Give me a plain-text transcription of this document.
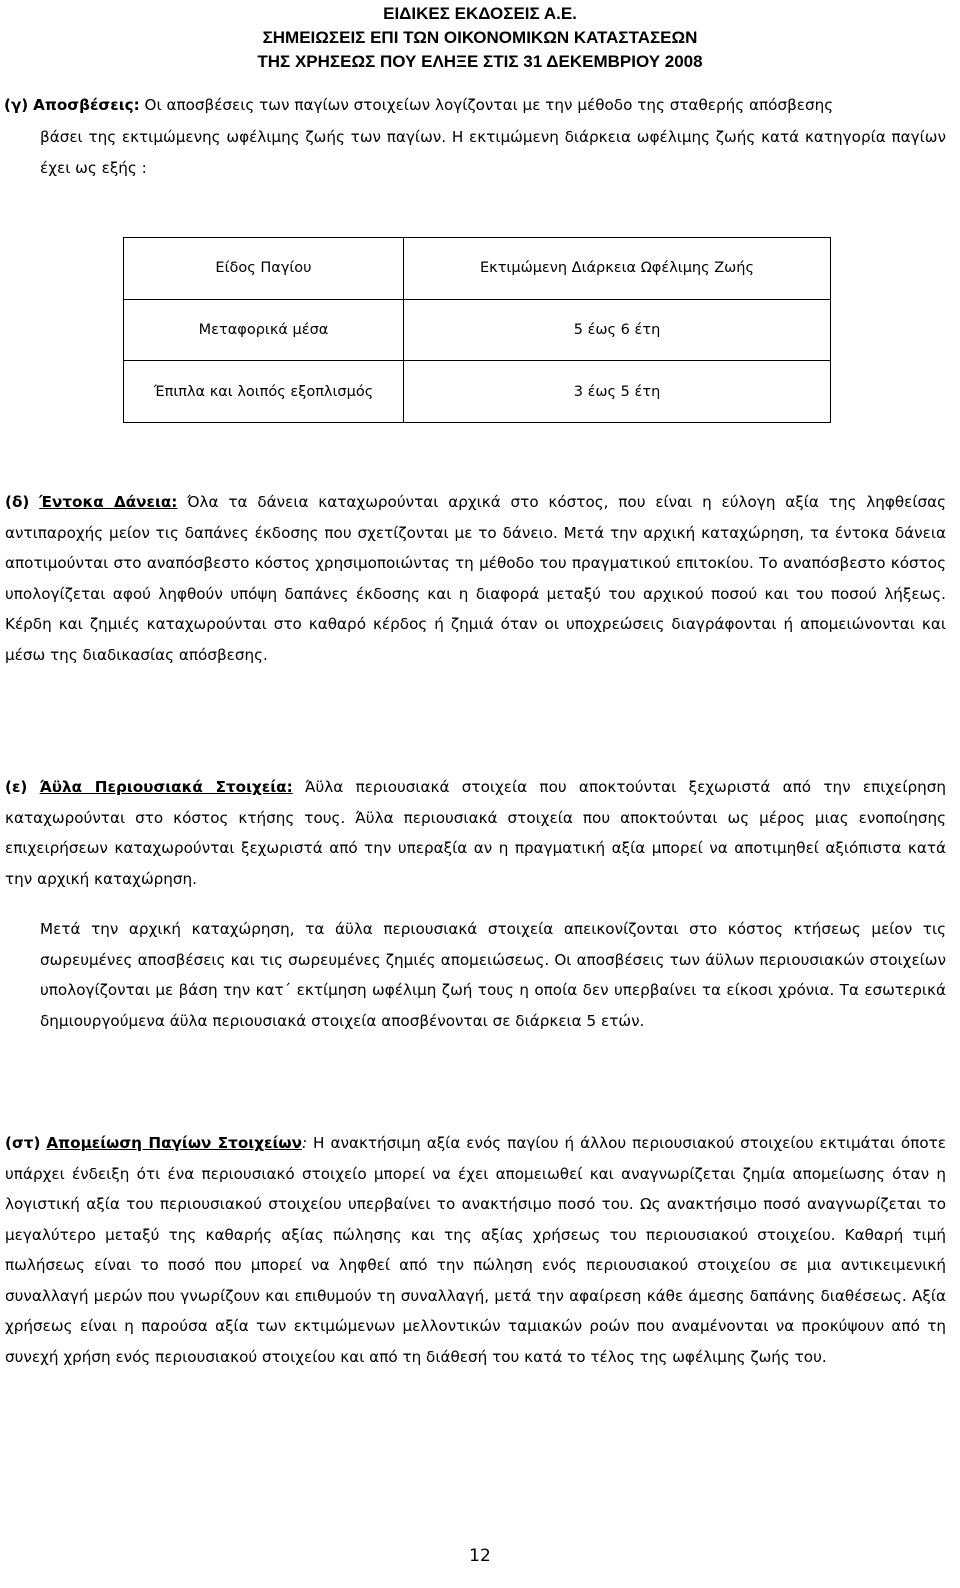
ΕΙΔΙΚΕΣ ΕΚΔΟΣΕΙΣ Α.Ε.
ΣΗΜΕΙΩΣΕΙΣ ΕΠΙ ΤΩΝ ΟΙΚΟΝΟΜΙΚΩΝ ΚΑΤΑΣΤΑΣΕΩΝ
ΤΗΣ ΧΡΗΣΕΩΣ ΠΟΥ ΕΛΗΞΕ ΣΤΙΣ 31 ΔΕΚΕΜΒΡΙΟΥ 2008
(γ) Αποσβέσεις: Οι αποσβέσεις των παγίων στοιχείων λογίζονται με την μέθοδο της σταθερής απόσβεσης
βάσει της εκτιμώμενης ωφέλιμης ζωής των παγίων. Η εκτιμώμενη διάρκεια ωφέλιμης ζωής κατά κατηγορία παγίων έχει ως εξής :
Είδος Παγίου	Εκτιμώμενη Διάρκεια Ωφέλιμης Ζωής
Μεταφορικά μέσα	5 έως 6 έτη
Έπιπλα και λοιπός εξοπλισμός	3 έως 5 έτη
(δ) Έντοκα Δάνεια: Όλα τα δάνεια καταχωρούνται αρχικά στο κόστος, που είναι η εύλογη αξία της ληφθείσας αντιπαροχής μείον τις δαπάνες έκδοσης που σχετίζονται με το δάνειο. Μετά την αρχική καταχώρηση, τα έντοκα δάνεια αποτιμούνται στο αναπόσβεστο κόστος χρησιμοποιώντας τη μέθοδο του πραγματικού επιτοκίου. Το αναπόσβεστο κόστος υπολογίζεται αφού ληφθούν υπόψη δαπάνες έκδοσης και η διαφορά μεταξύ του αρχικού ποσού και του ποσού λήξεως. Κέρδη και ζημιές καταχωρούνται στο καθαρό κέρδος ή ζημιά όταν οι υποχρεώσεις διαγράφονται ή απομειώνονται και μέσω της διαδικασίας απόσβεσης.
(ε) Άϋλα Περιουσιακά Στοιχεία: Άϋλα περιουσιακά στοιχεία που αποκτούνται ξεχωριστά από την επιχείρηση καταχωρούνται στο κόστος κτήσης τους. Άϋλα περιουσιακά στοιχεία που αποκτούνται ως μέρος μιας ενοποίησης επιχειρήσεων καταχωρούνται ξεχωριστά από την υπεραξία αν η πραγματική αξία μπορεί να αποτιμηθεί αξιόπιστα κατά την αρχική καταχώρηση.
Μετά την αρχική καταχώρηση, τα άϋλα περιουσιακά στοιχεία απεικονίζονται στο κόστος κτήσεως μείον τις σωρευμένες αποσβέσεις και τις σωρευμένες ζημιές απομειώσεως. Οι αποσβέσεις των άϋλων περιουσιακών στοιχείων υπολογίζονται με βάση την κατ΄ εκτίμηση ωφέλιμη ζωή τους η οποία δεν υπερβαίνει τα είκοσι χρόνια. Τα εσωτερικά δημιουργούμενα άϋλα περιουσιακά στοιχεία αποσβένονται σε διάρκεια 5 ετών.
(στ) Απομείωση Παγίων Στοιχείων: Η ανακτήσιμη αξία ενός παγίου ή άλλου περιουσιακού στοιχείου εκτιμάται όποτε υπάρχει ένδειξη ότι ένα περιουσιακό στοιχείο μπορεί να έχει απομειωθεί και αναγνωρίζεται ζημία απομείωσης όταν η λογιστική αξία του περιουσιακού στοιχείου υπερβαίνει το ανακτήσιμο ποσό του. Ως ανακτήσιμο ποσό αναγνωρίζεται το μεγαλύτερο μεταξύ της καθαρής αξίας πώλησης και της αξίας χρήσεως του περιουσιακού στοιχείου. Καθαρή τιμή πωλήσεως είναι το ποσό που μπορεί να ληφθεί από την πώληση ενός περιουσιακού στοιχείου σε μια αντικειμενική συναλλαγή μερών που γνωρίζουν και επιθυμούν τη συναλλαγή, μετά την αφαίρεση κάθε άμεσης δαπάνης διαθέσεως. Αξία χρήσεως είναι η παρούσα αξία των εκτιμώμενων μελλοντικών ταμιακών ροών που αναμένονται να προκύψουν από τη συνεχή χρήση ενός περιουσιακού στοιχείου και από τη διάθεσή του κατά το τέλος της ωφέλιμης ζωής του.
12
